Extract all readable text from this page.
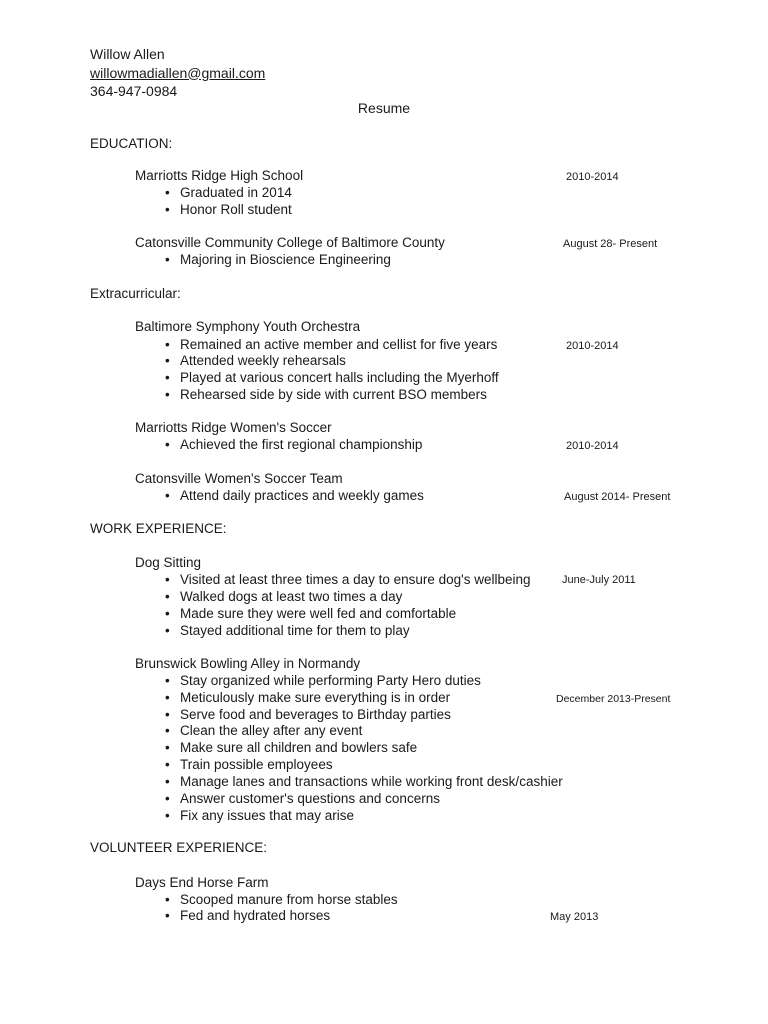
Willow Allen
willowmadiallen@gmail.com
364-947-0984
Resume
EDUCATION:
Marriotts Ridge High School	2010-2014
• Graduated in 2014
• Honor Roll student
Catonsville Community College of Baltimore County	August 28- Present
• Majoring in Bioscience Engineering
Extracurricular:
Baltimore Symphony Youth Orchestra
• Remained an active member and cellist for five years	2010-2014
• Attended weekly rehearsals
• Played at various concert halls including the Myerhoff
• Rehearsed side by side with current BSO members
Marriotts Ridge Women's Soccer
• Achieved the first regional championship	2010-2014
Catonsville Women's Soccer Team
• Attend daily practices and weekly games	August 2014- Present
WORK EXPERIENCE:
Dog Sitting
• Visited at least three times a day to ensure dog's wellbeing	June-July 2011
• Walked dogs at least two times a day
• Made sure they were well fed and comfortable
• Stayed additional time for them to play
Brunswick Bowling Alley in Normandy
• Stay organized while performing Party Hero duties
• Meticulously make sure everything is in order	December 2013-Present
• Serve food and beverages to Birthday parties
• Clean the alley after any event
• Make sure all children and bowlers safe
• Train possible employees
• Manage lanes and transactions while working front desk/cashier
• Answer customer's questions and concerns
• Fix any issues that may arise
VOLUNTEER EXPERIENCE:
Days End Horse Farm
• Scooped manure from horse stables
• Fed and hydrated horses	May 2013
